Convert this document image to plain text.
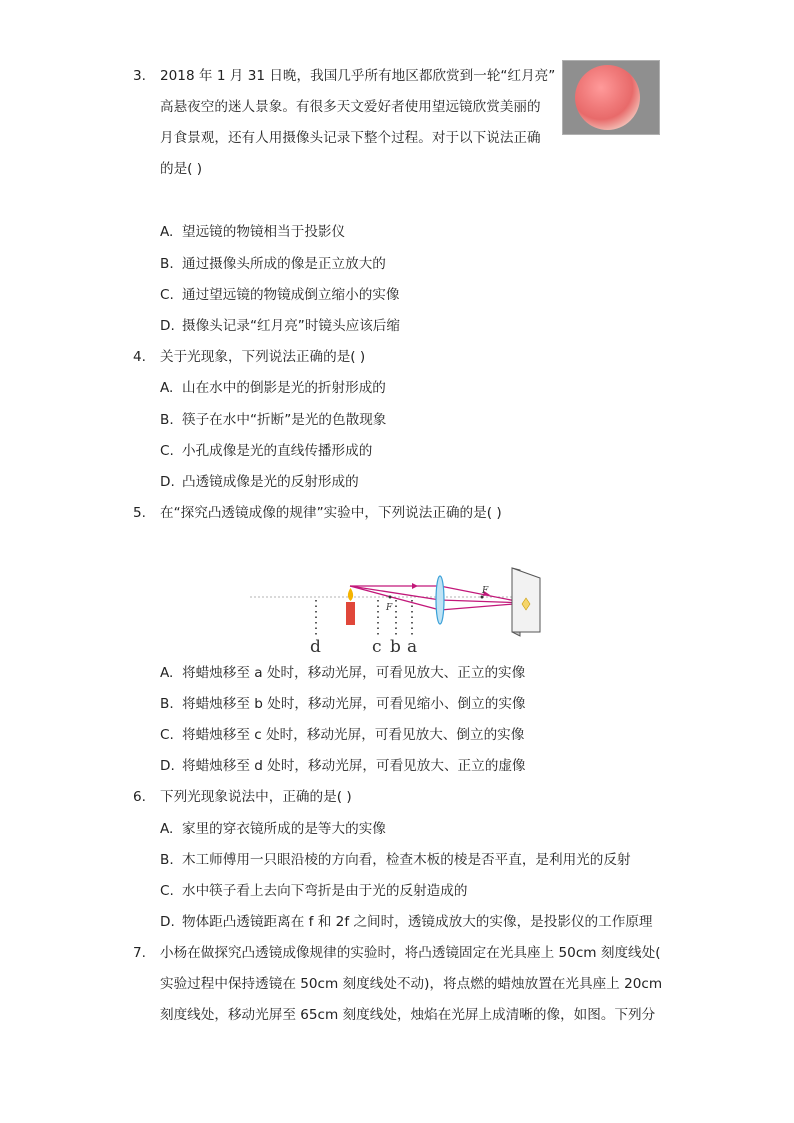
3.	2018 年 1 月 31 日晚，我国几乎所有地区都欣赏到一轮“红月亮”
高悬夜空的迷人景象。有很多天文爱好者使用望远镜欣赏美丽的
月食景观，还有人用摄像头记录下整个过程。对于以下说法正确
的是( )
A. 望远镜的物镜相当于投影仪
B. 通过摄像头所成的像是正立放大的
C. 通过望远镜的物镜成倒立缩小的实像
D. 摄像头记录“红月亮”时镜头应该后缩
4.	关于光现象，下列说法正确的是( )
A. 山在水中的倒影是光的折射形成的
B. 筷子在水中“折断”是光的色散现象
C. 小孔成像是光的直线传播形成的
D. 凸透镜成像是光的反射形成的
5.	在“探究凸透镜成像的规律”实验中，下列说法正确的是( )
F
F
d	c b a
A. 将蜡烛移至 a 处时，移动光屏，可看见放大、正立的实像
B. 将蜡烛移至 b 处时，移动光屏，可看见缩小、倒立的实像
C. 将蜡烛移至 c 处时，移动光屏，可看见放大、倒立的实像
D. 将蜡烛移至 d 处时，移动光屏，可看见放大、正立的虚像
6.	下列光现象说法中，正确的是( )
A. 家里的穿衣镜所成的是等大的实像
B. 木工师傅用一只眼沿棱的方向看，检查木板的棱是否平直，是利用光的反射
C. 水中筷子看上去向下弯折是由于光的反射造成的
D. 物体距凸透镜距离在 f 和 2f 之间时，透镜成放大的实像，是投影仪的工作原理
7.	小杨在做探究凸透镜成像规律的实验时，将凸透镜固定在光具座上 50cm 刻度线处(
实验过程中保持透镜在 50cm 刻度线处不动)，将点燃的蜡烛放置在光具座上 20cm
刻度线处，移动光屏至 65cm 刻度线处，烛焰在光屏上成清晰的像，如图。下列分
